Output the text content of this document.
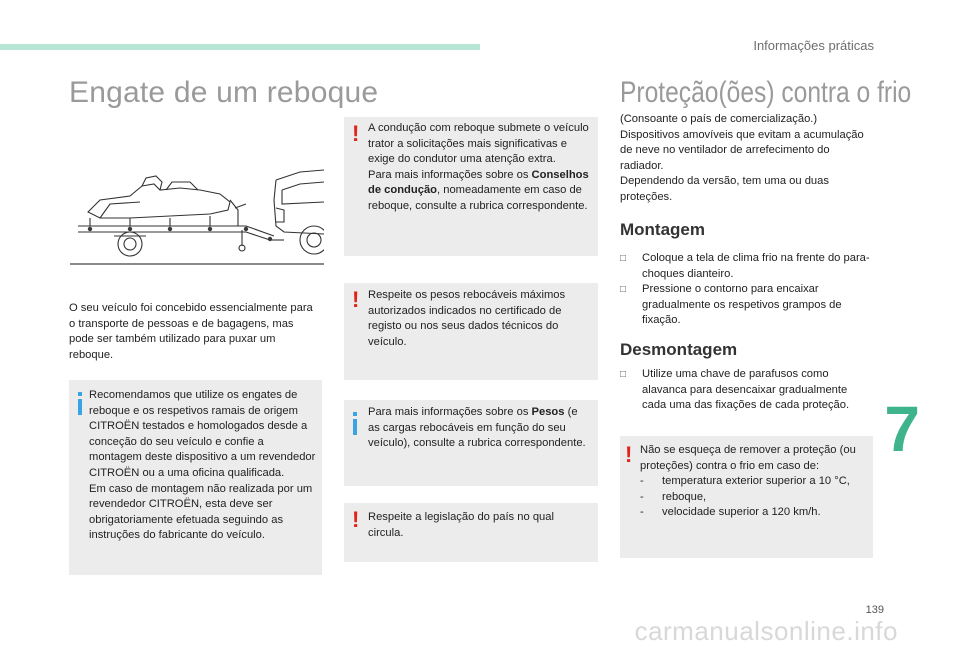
Informações práticas
Engate de um reboque
O seu veículo foi concebido essencialmente para o transporte de pessoas e de bagagens, mas pode ser também utilizado para puxar um reboque.
Recomendamos que utilize os engates de reboque e os respetivos ramais de origem CITROËN testados e homologados desde a conceção do seu veículo e confie a montagem deste dispositivo a um revendedor CITROËN ou a uma oficina qualificada.
Em caso de montagem não realizada por um revendedor CITROËN, esta deve ser obrigatoriamente efetuada seguindo as instruções do fabricante do veículo.
! A condução com reboque submete o veículo trator a solicitações mais significativas e exige do condutor uma atenção extra.
Para mais informações sobre os Conselhos de condução, nomeadamente em caso de reboque, consulte a rubrica correspondente.
! Respeite os pesos rebocáveis máximos autorizados indicados no certificado de registo ou nos seus dados técnicos do veículo.
Para mais informações sobre os Pesos (e as cargas rebocáveis em função do seu veículo), consulte a rubrica correspondente.
! Respeite a legislação do país no qual circula.
Proteção(ões) contra o frio
(Consoante o país de comercialização.)
Dispositivos amovíveis que evitam a acumulação de neve no ventilador de arrefecimento do radiador.
Dependendo da versão, tem uma ou duas proteções.
Montagem
□ Coloque a tela de clima frio na frente do para-choques dianteiro.
□ Pressione o contorno para encaixar gradualmente os respetivos grampos de fixação.
Desmontagem
□ Utilize uma chave de parafusos como alavanca para desencaixar gradualmente cada uma das fixações de cada proteção.
! Não se esqueça de remover a proteção (ou proteções) contra o frio em caso de:
- temperatura exterior superior a 10 °C,
- reboque,
- velocidade superior a 120 km/h.
7
139
carmanualsonline.info
